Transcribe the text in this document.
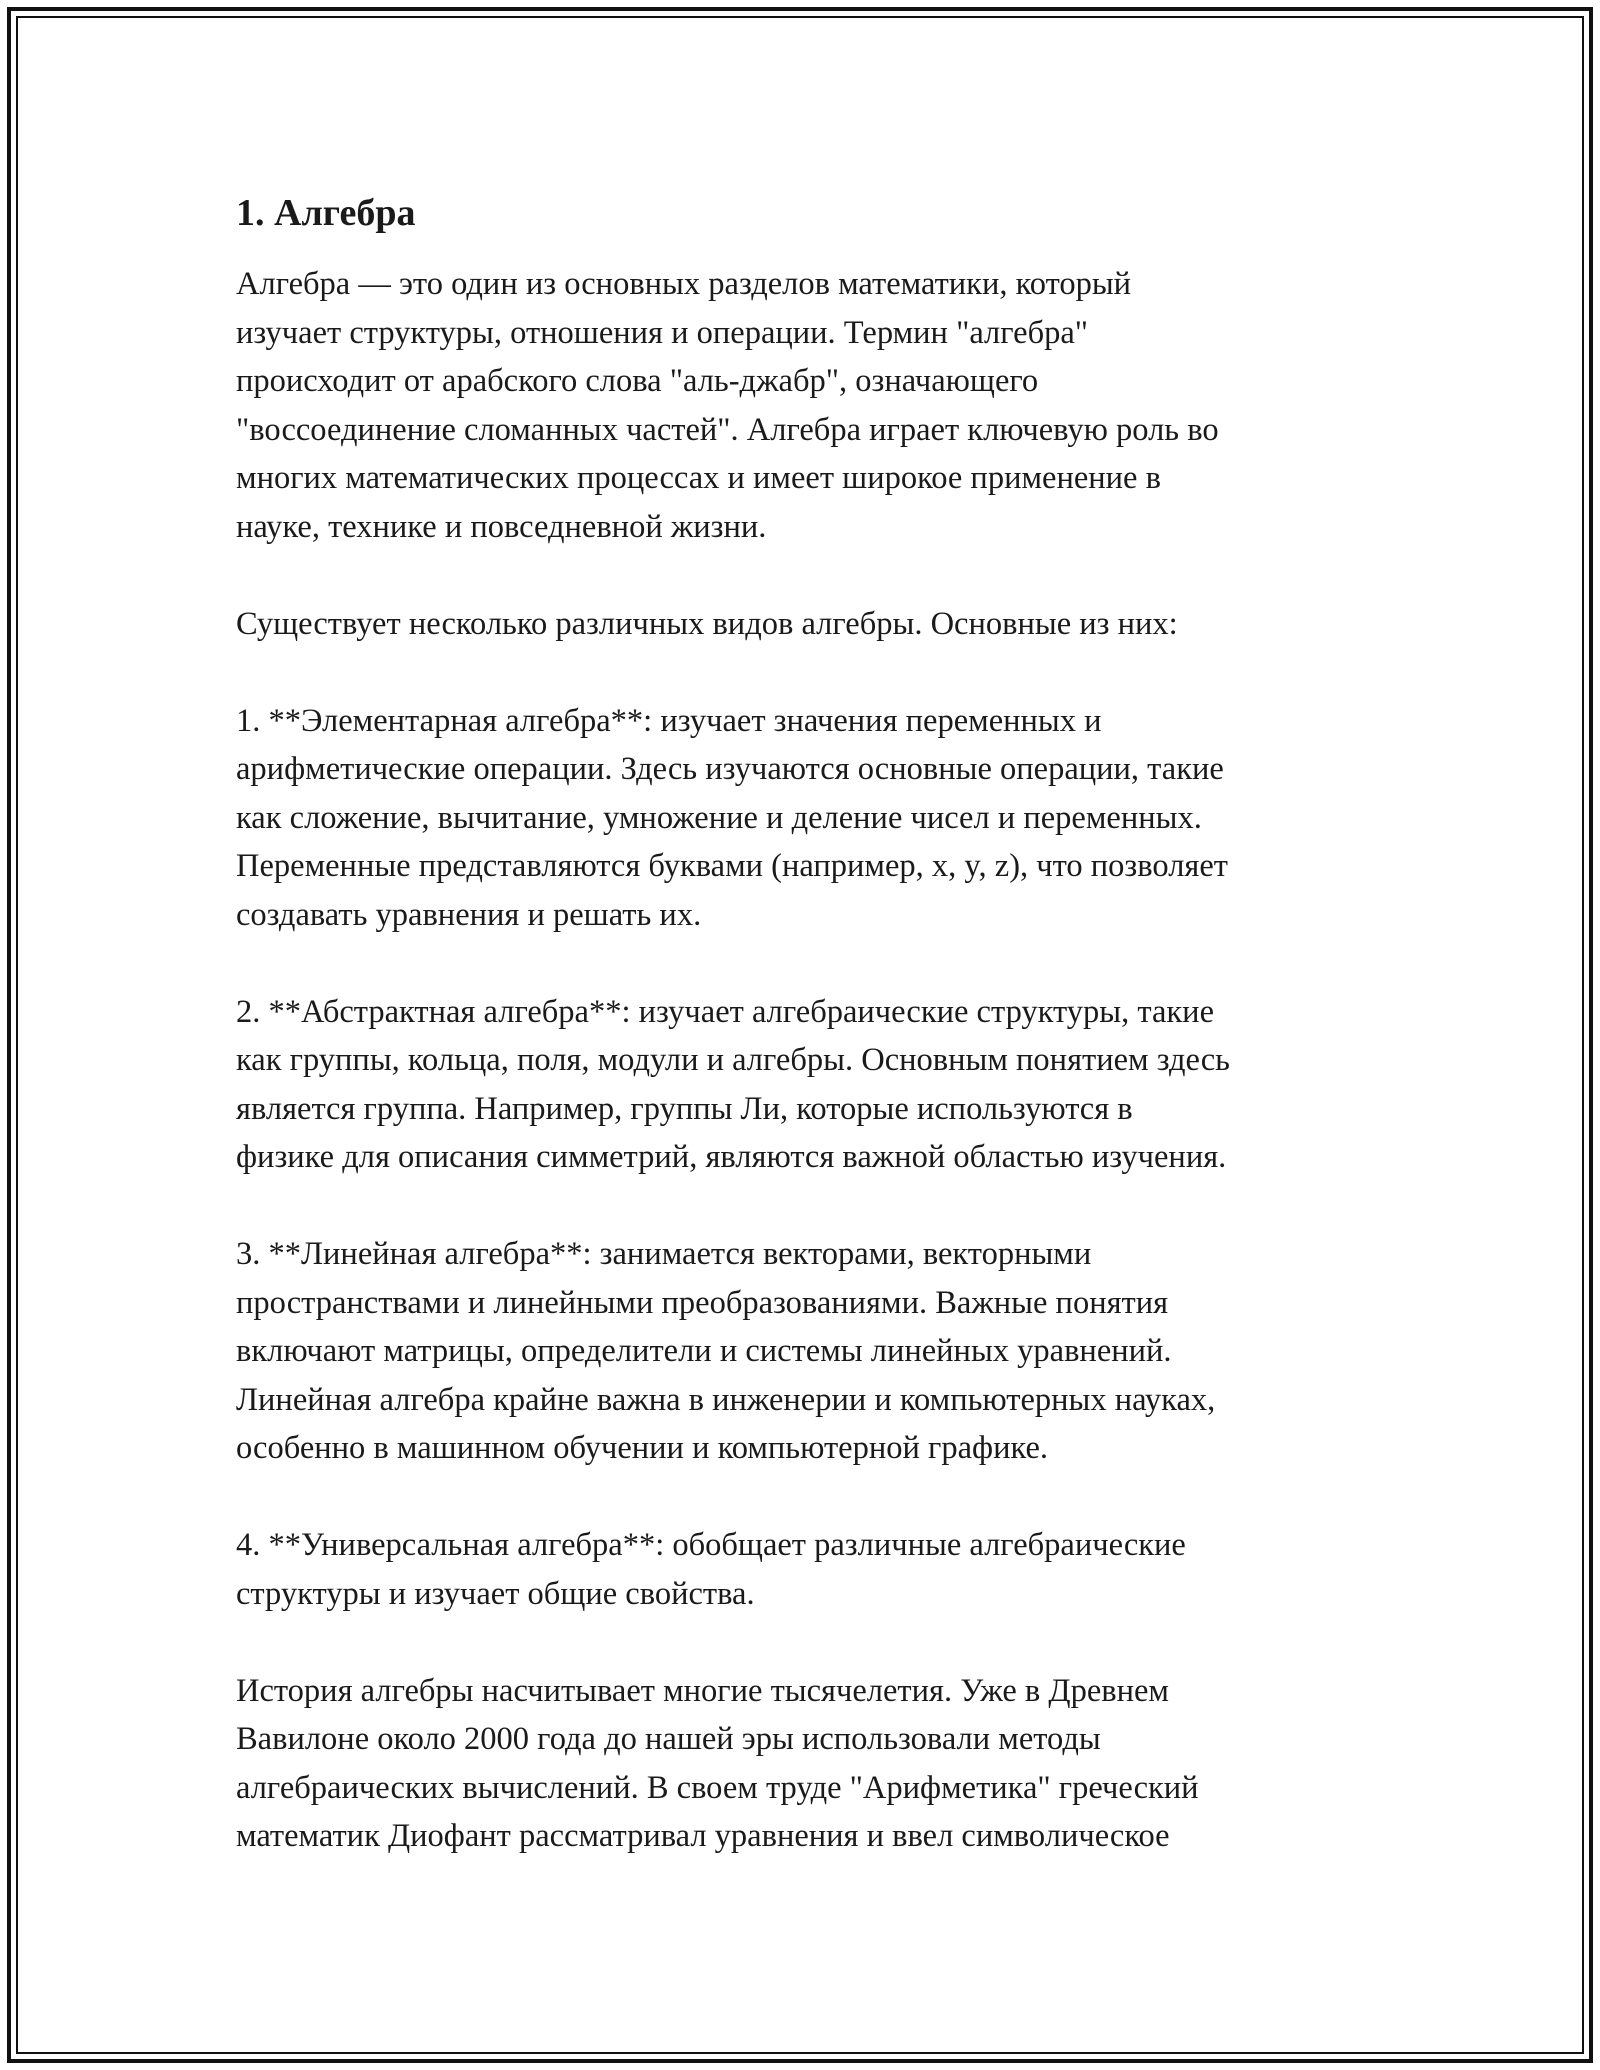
1. Алгебра

Алгебра — это один из основных разделов математики, который
изучает структуры, отношения и операции. Термин "алгебра"
происходит от арабского слова "аль-джабр", означающего
"воссоединение сломанных частей". Алгебра играет ключевую роль во
многих математических процессах и имеет широкое применение в
науке, технике и повседневной жизни.

Существует несколько различных видов алгебры. Основные из них:

1. **Элементарная алгебра**: изучает значения переменных и
арифметические операции. Здесь изучаются основные операции, такие
как сложение, вычитание, умножение и деление чисел и переменных.
Переменные представляются буквами (например, x, y, z), что позволяет
создавать уравнения и решать их.

2. **Абстрактная алгебра**: изучает алгебраические структуры, такие
как группы, кольца, поля, модули и алгебры. Основным понятием здесь
является группа. Например, группы Ли, которые используются в
физике для описания симметрий, являются важной областью изучения.

3. **Линейная алгебра**: занимается векторами, векторными
пространствами и линейными преобразованиями. Важные понятия
включают матрицы, определители и системы линейных уравнений.
Линейная алгебра крайне важна в инженерии и компьютерных науках,
особенно в машинном обучении и компьютерной графике.

4. **Универсальная алгебра**: обобщает различные алгебраические
структуры и изучает общие свойства.

История алгебры насчитывает многие тысячелетия. Уже в Древнем
Вавилоне около 2000 года до нашей эры использовали методы
алгебраических вычислений. В своем труде "Арифметика" греческий
математик Диофант рассматривал уравнения и ввел символическое
